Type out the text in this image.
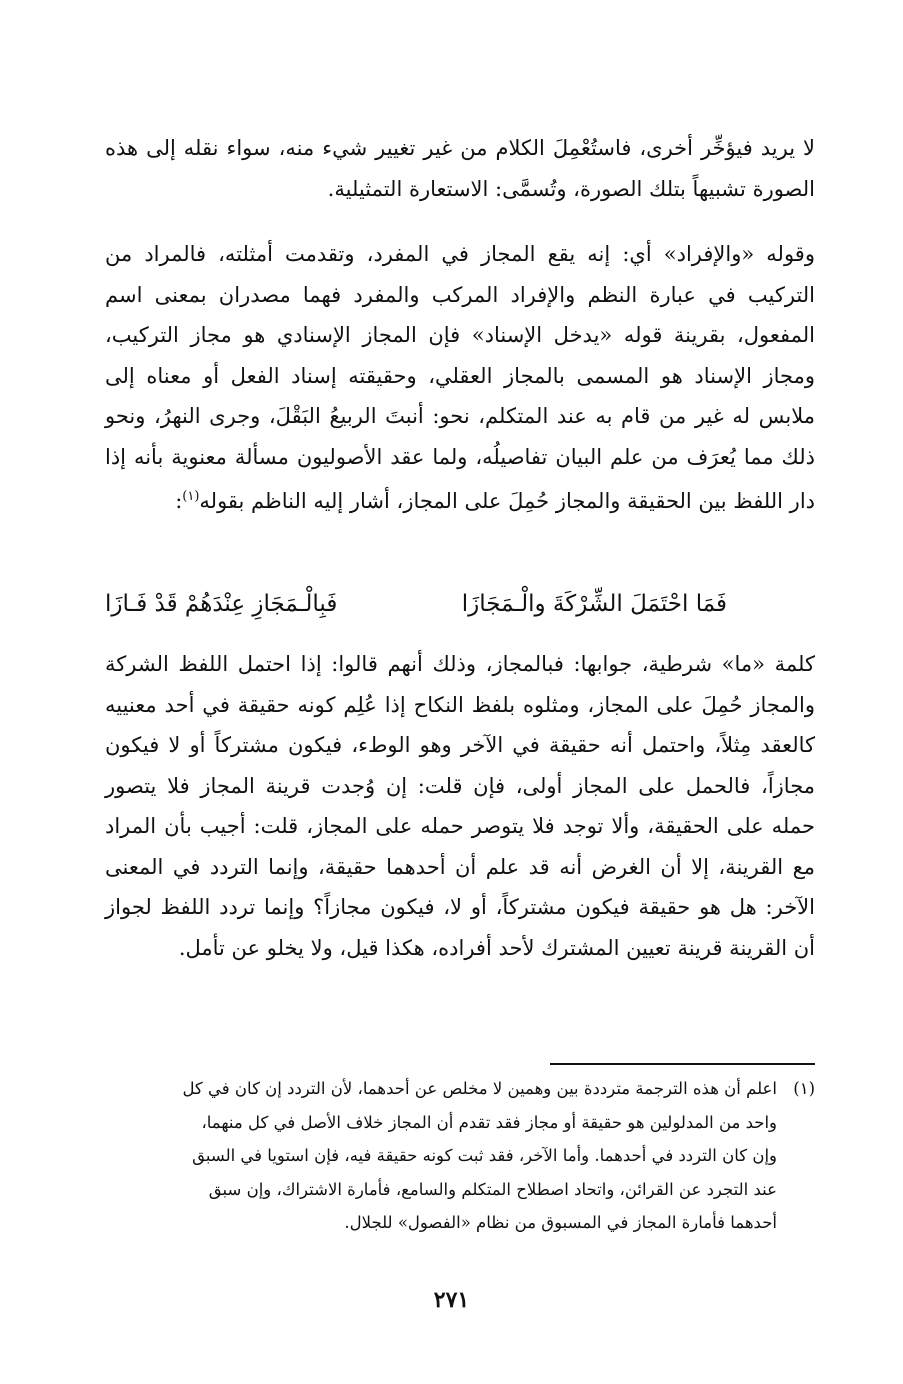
لا يريد فيؤخِّر أخرى، فاستُعْمِلَ الكلام من غير تغيير شيء منه، سواء نقله إلى هذه الصورة تشبيهاً بتلك الصورة، وتُسمَّى: الاستعارة التمثيلية.

وقوله «والإفراد» أي: إنه يقع المجاز في المفرد، وتقدمت أمثلته، فالمراد من التركيب في عبارة النظم والإفراد المركب والمفرد فهما مصدران بمعنى اسم المفعول، بقرينة قوله «يدخل الإسناد» فإن المجاز الإسنادي هو مجاز التركيب، ومجاز الإسناد هو المسمى بالمجاز العقلي، وحقيقته إسناد الفعل أو معناه إلى ملابس له غير من قام به عند المتكلم، نحو: أنبتَ الربيعُ البَقْلَ، وجرى النهرُ، ونحو ذلك مما يُعرَف من علم البيان تفاصيلُه، ولما عقد الأصوليون مسألة معنوية بأنه إذا دار اللفظ بين الحقيقة والمجاز حُمِلَ على المجاز، أشار إليه الناظم بقوله$^{(١)}$:

فَمَا احْتَمَلَ الشِّرْكَةَ والْـمَجَازَا
فَبِالْـمَجَازِ عِنْدَهُمْ قَدْ فَـازَا

كلمة «ما» شرطية، جوابها: فبالمجاز، وذلك أنهم قالوا: إذا احتمل اللفظ الشركة والمجاز حُمِلَ على المجاز، ومثلوه بلفظ النكاح إذا عُلِم كونه حقيقة في أحد معنييه كالعقد مِثلاً، واحتمل أنه حقيقة في الآخر وهو الوطء، فيكون مشتركاً أو لا فيكون مجازاً، فالحمل على المجاز أولى، فإن قلت: إن وُجدت قرينة المجاز فلا يتصور حمله على الحقيقة، وألا توجد فلا يتوصر حمله على المجاز، قلت: أجيب بأن المراد مع القرينة، إلا أن الغرض أنه قد علم أن أحدهما حقيقة، وإنما التردد في المعنى الآخر: هل هو حقيقة فيكون مشتركاً، أو لا، فيكون مجازاً؟ وإنما تردد اللفظ لجواز أن القرينة قرينة تعيين المشترك لأحد أفراده، هكذا قيل، ولا يخلو عن تأمل.

(١)اعلم أن هذه الترجمة مترددة بين وهمين لا مخلص عن أحدهما، لأن التردد إن كان في كل
واحد من المدلولين هو حقيقة أو مجاز فقد تقدم أن المجاز خلاف الأصل في كل منهما،
وإن كان التردد في أحدهما. وأما الآخر، فقد ثبت كونه حقيقة فيه، فإن استويا في السبق
عند التجرد عن القرائن، واتحاد اصطلاح المتكلم والسامع، فأمارة الاشتراك، وإن سبق
أحدهما فأمارة المجاز في المسبوق من نظام «الفصول» للجلال.
٢٧١
